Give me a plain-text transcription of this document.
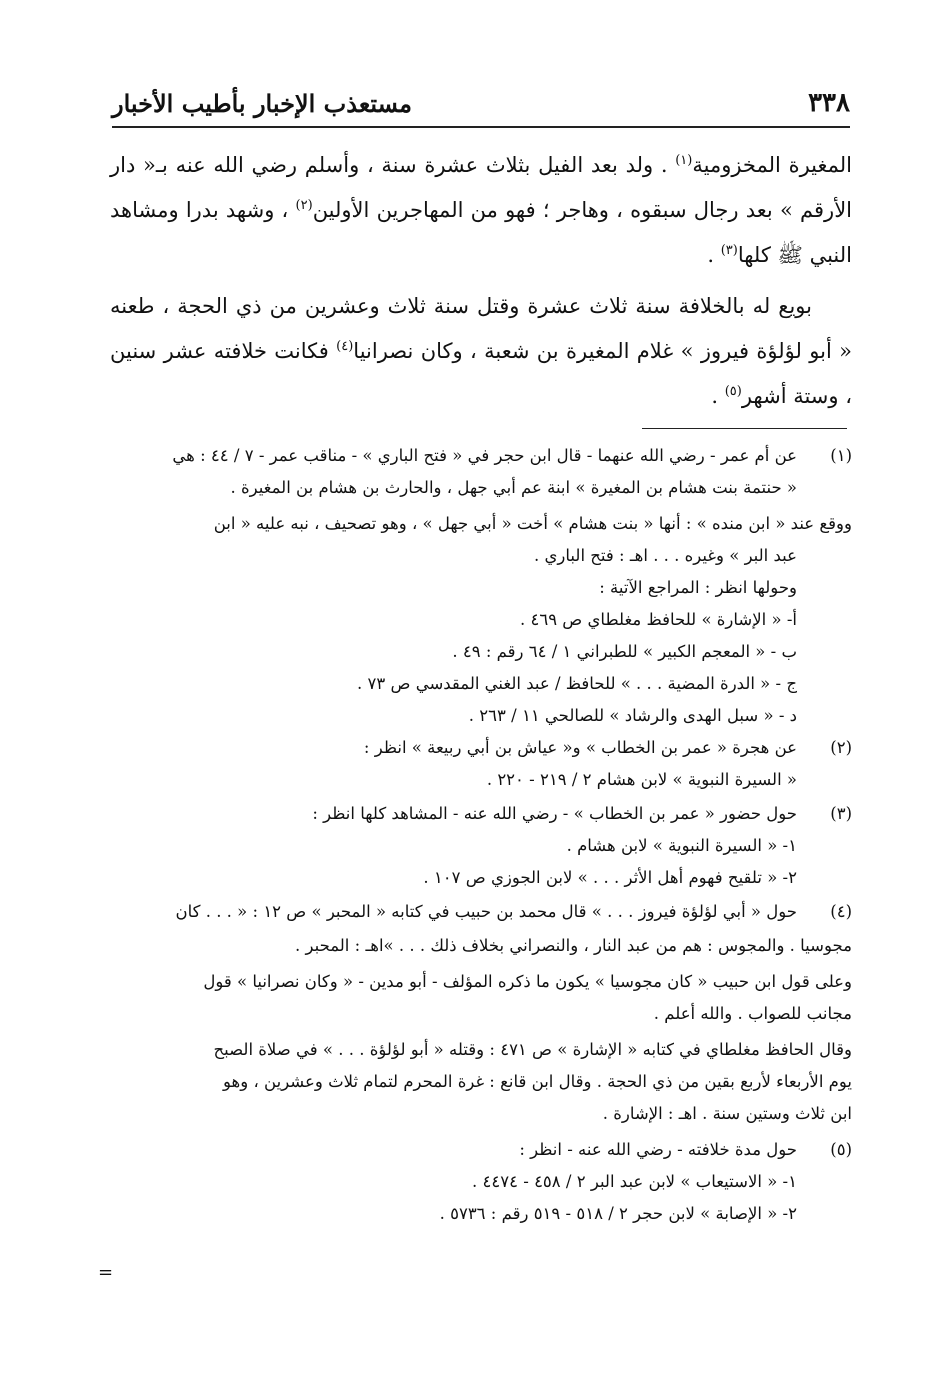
٣٣٨
مستعذب الإخبار بأطيب الأخبار

المغيرة المخزومية$^{(١)}$ . ولد بعد الفيل بثلاث عشرة سنة ، وأسلم رضي الله عنه بـ« دار الأرقم » بعد رجال سبقوه ، وهاجر ؛ فهو من المهاجرين الأولين$^{(٢)}$ ، وشهد بدرا ومشاهد النبي ﷺ كلها$^{(٣)}$ .

بويع له بالخلافة سنة ثلاث عشرة وقتل سنة ثلاث وعشرين من ذي الحجة ، طعنه « أبو لؤلؤة فيروز » غلام المغيرة بن شعبة ، وكان نصرانيا$^{(٤)}$ فكانت خلافته عشر سنين ، وستة أشهر$^{(٥)}$ .

(١)
عن أم عمر - رضي الله عنهما - قال ابن حجر في « فتح الباري » - مناقب عمر - ٧ / ٤٤ : هي
« حنتمة بنت هشام بن المغيرة » ابنة عم أبي جهل ، والحارث بن هشام بن المغيرة .
ووقع عند « ابن منده » : أنها « بنت هشام » أخت « أبي جهل » ، وهو تصحيف ، نبه عليه « ابن
عبد البر » وغيره . . . اهـ : فتح الباري .
وحولها انظر : المراجع الآتية :
أ- « الإشارة » للحافظ مغلطاي ص ٤٦٩ .
ب - « المعجم الكبير » للطبراني ١ / ٦٤ رقم : ٤٩ .
ج - « الدرة المضية . . . » للحافظ / عبد الغني المقدسي ص ٧٣ .
د - « سبل الهدى والرشاد » للصالحي ١١ / ٢٦٣ .
(٢)
عن هجرة « عمر بن الخطاب » و« عياش بن أبي ربيعة » انظر :
« السيرة النبوية » لابن هشام ٢ / ٢١٩ - ٢٢٠ .
(٣)
حول حضور « عمر بن الخطاب » - رضي الله عنه - المشاهد كلها انظر :
١- « السيرة النبوية » لابن هشام .
٢- « تلقيح فهوم أهل الأثر . . . » لابن الجوزي ص ١٠٧ .
(٤)
حول « أبي لؤلؤة فيروز . . . » قال محمد بن حبيب في كتابه « المحبر » ص ١٢ : « . . . كان
مجوسيا . والمجوس : هم من عبد النار ، والنصراني بخلاف ذلك . . . »اهـ : المحبر .
وعلى قول ابن حبيب « كان مجوسيا » يكون ما ذكره المؤلف - أبو مدين - « وكان نصرانيا » قول
مجانب للصواب . والله أعلم .
وقال الحافظ مغلطاي في كتابه « الإشارة » ص ٤٧١ : وقتله « أبو لؤلؤة . . . » في صلاة الصبح
يوم الأربعاء لأربع بقين من ذي الحجة . وقال ابن قانع : غرة المحرم لتمام ثلاث وعشرين ، وهو
ابن ثلاث وستين سنة . اهـ : الإشارة .
(٥)
حول مدة خلافته - رضي الله عنه - انظر :
١- « الاستيعاب » لابن عبد البر ٢ / ٤٥٨ - ٤٤٧٤ .
٢- « الإصابة » لابن حجر ٢ / ٥١٨ - ٥١٩ رقم : ٥٧٣٦ .
=
